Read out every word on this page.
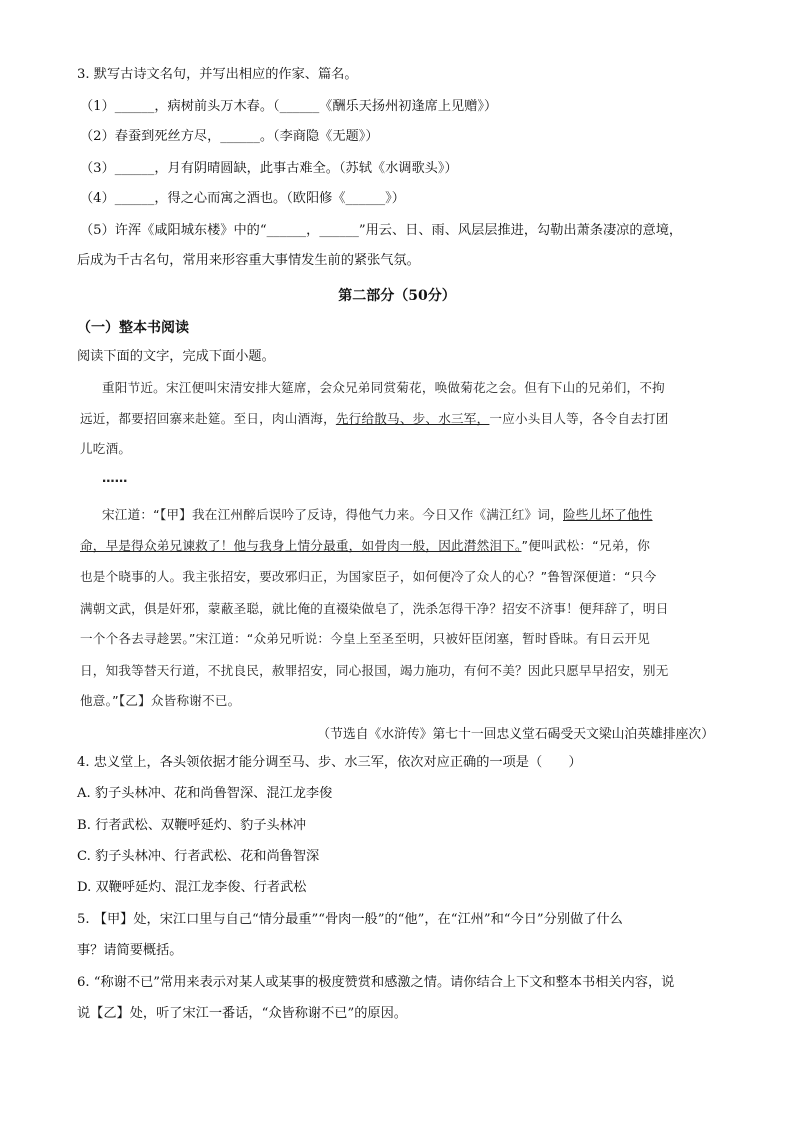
3. 默写古诗文名句，并写出相应的作家、篇名。
（1）______，病树前头万木春。（______《酬乐天扬州初逢席上见赠》）
（2）春蚕到死丝方尽，______。（李商隐《无题》）
（3）______，月有阴晴圆缺，此事古难全。（苏轼《水调歌头》）
（4）______，得之心而寓之酒也。（欧阳修《______》）
（5）许浑《咸阳城东楼》中的“______，______”用云、日、雨、风层层推进，勾勒出萧条凄凉的意境，
后成为千古名句，常用来形容重大事情发生前的紧张气氛。
第二部分（50分）
（一）整本书阅读
阅读下面的文字，完成下面小题。
重阳节近。宋江便叫宋清安排大筵席，会众兄弟同赏菊花，唤做菊花之会。但有下山的兄弟们，不拘
远近，都要招回寨来赴筵。至日，肉山酒海，先行给散马、步、水三军，一应小头目人等，各令自去打团
儿吃酒。
……
宋江道：“【甲】我在江州醉后误吟了反诗，得他气力来。今日又作《满江红》词，险些儿坏了他性
命，早是得众弟兄谏救了！他与我身上情分最重，如骨肉一般，因此潸然泪下。”便叫武松：“兄弟，你
也是个晓事的人。我主张招安，要改邪归正，为国家臣子，如何便冷了众人的心？”鲁智深便道：“只今
满朝文武，俱是奸邪，蒙蔽圣聪，就比俺的直裰染做皂了，洗杀怎得干净？招安不济事！便拜辞了，明日
一个个各去寻趁罢。”宋江道：“众弟兄听说：今皇上至圣至明，只被奸臣闭塞，暂时昏昧。有日云开见
日，知我等替天行道，不扰良民，赦罪招安，同心报国，竭力施功，有何不美？因此只愿早早招安，别无
他意。”【乙】众皆称谢不已。
（节选自《水浒传》第七十一回忠义堂石碣受天文梁山泊英雄排座次）
4. 忠义堂上，各头领依据才能分调至马、步、水三军，依次对应正确的一项是（　　）
A. 豹子头林冲、花和尚鲁智深、混江龙李俊
B. 行者武松、双鞭呼延灼、豹子头林冲
C. 豹子头林冲、行者武松、花和尚鲁智深
D. 双鞭呼延灼、混江龙李俊、行者武松
5. 【甲】处，宋江口里与自己“情分最重”“骨肉一般”的“他”，在“江州”和“今日”分别做了什么
事？请简要概括。
6. “称谢不已”常用来表示对某人或某事的极度赞赏和感激之情。请你结合上下文和整本书相关内容，说
说【乙】处，听了宋江一番话，“众皆称谢不已”的原因。
